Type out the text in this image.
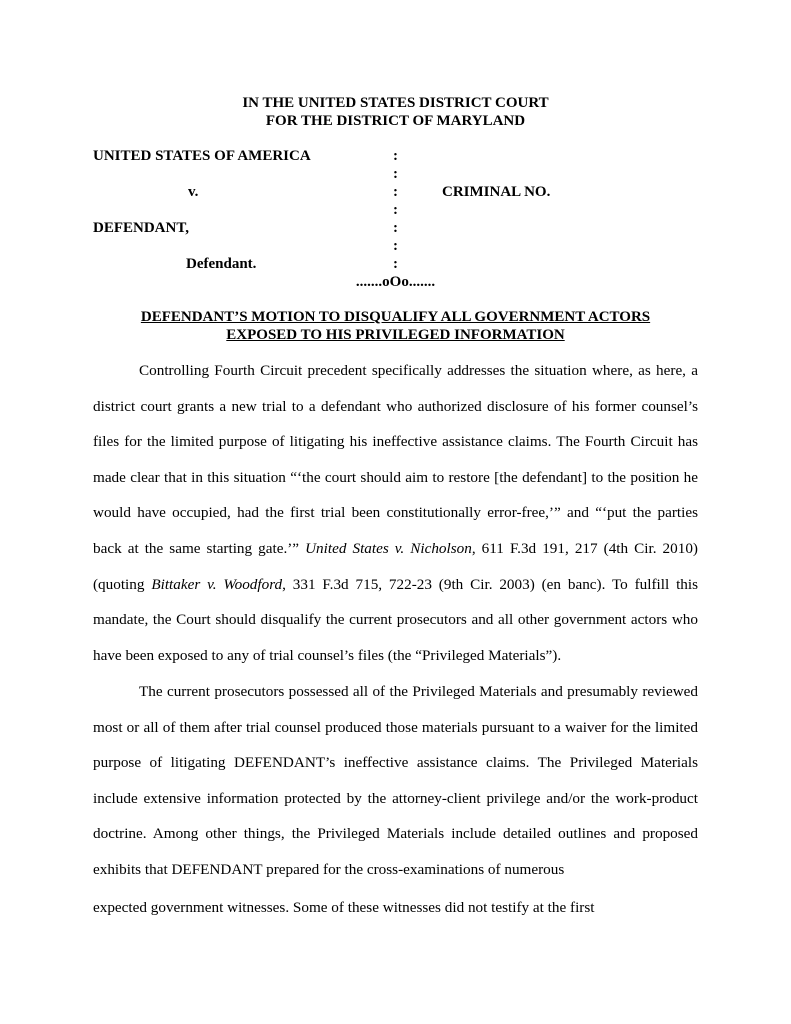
IN THE UNITED STATES DISTRICT COURT
FOR THE DISTRICT OF MARYLAND
UNITED STATES OF AMERICA
v.
DEFENDANT,
Defendant.
CRIMINAL NO.
:
:
:
:
:
:
:
.......oOo.......
DEFENDANT’S MOTION TO DISQUALIFY ALL GOVERNMENT ACTORS
EXPOSED TO HIS PRIVILEGED INFORMATION

Controlling Fourth Circuit precedent specifically addresses the situation where, as here, a district court grants a new trial to a defendant who authorized disclosure of his former counsel’s files for the limited purpose of litigating his ineffective assistance claims. The Fourth Circuit has made clear that in this situation “‘the court should aim to restore [the defendant] to the position he would have occupied, had the first trial been constitutionally error-free,’” and “‘put the parties back at the same starting gate.’” United States v. Nicholson, 611 F.3d 191, 217 (4th Cir. 2010) (quoting Bittaker v. Woodford, 331 F.3d 715, 722-23 (9th Cir. 2003) (en banc). To fulfill this mandate, the Court should disqualify the current prosecutors and all other government actors who have been exposed to any of trial counsel’s files (the “Privileged Materials”).

The current prosecutors possessed all of the Privileged Materials and presumably reviewed most or all of them after trial counsel produced those materials pursuant to a waiver for the limited purpose of litigating DEFENDANT’s ineffective assistance claims. The Privileged Materials include extensive information protected by the attorney-client privilege and/or the work-product doctrine. Among other things, the Privileged Materials include detailed outlines and proposed exhibits that DEFENDANT prepared for the cross-examinations of numerous

expected government witnesses. Some of these witnesses did not testify at the first
